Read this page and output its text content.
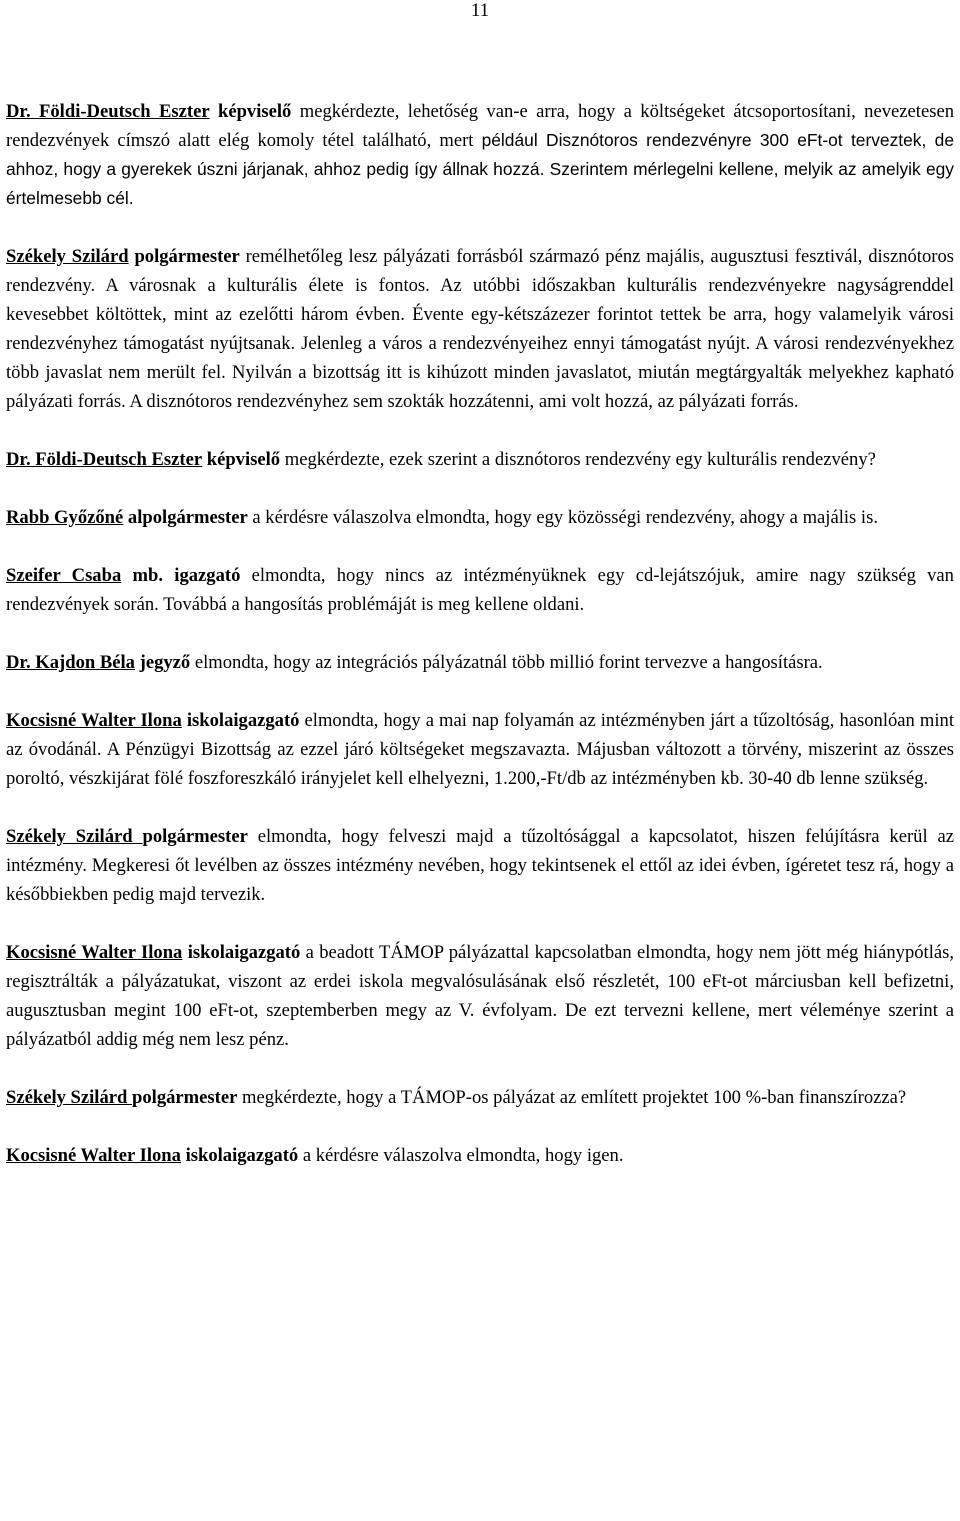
11

Dr. Földi-Deutsch Eszter képviselő megkérdezte, lehetőség van-e arra, hogy a költségeket átcsoportosítani, nevezetesen rendezvények címszó alatt elég komoly tétel található, mert például Disznótoros rendezvényre 300 eFt-ot terveztek, de ahhoz, hogy a gyerekek úszni járjanak, ahhoz pedig így állnak hozzá. Szerintem mérlegelni kellene, melyik az amelyik egy értelmesebb cél.

Székely Szilárd polgármester remélhetőleg lesz pályázati forrásból származó pénz majális, augusztusi fesztivál, disznótoros rendezvény. A városnak a kulturális élete is fontos. Az utóbbi időszakban kulturális rendezvényekre nagyságrenddel kevesebbet költöttek, mint az ezelőtti három évben. Évente egy-kétszázezer forintot tettek be arra, hogy valamelyik városi rendezvényhez támogatást nyújtsanak. Jelenleg a város a rendezvényeihez ennyi támogatást nyújt. A városi rendezvényekhez több javaslat nem merült fel. Nyilván a bizottság itt is kihúzott minden javaslatot, miután megtárgyalták melyekhez kapható pályázati forrás. A disznótoros rendezvényhez sem szokták hozzátenni, ami volt hozzá, az pályázati forrás.

Dr. Földi-Deutsch Eszter képviselő megkérdezte, ezek szerint a disznótoros rendezvény egy kulturális rendezvény?

Rabb Győzőné alpolgármester a kérdésre válaszolva elmondta, hogy egy közösségi rendezvény, ahogy a majális is.

Szeifer Csaba mb. igazgató elmondta, hogy nincs az intézményüknek egy cd-lejátszójuk, amire nagy szükség van rendezvények során. Továbbá a hangosítás problémáját is meg kellene oldani.

Dr. Kajdon Béla jegyző elmondta, hogy az integrációs pályázatnál több millió forint tervezve a hangosításra.

Kocsisné Walter Ilona iskolaigazgató elmondta, hogy a mai nap folyamán az intézményben járt a tűzoltóság, hasonlóan mint az óvodánál. A Pénzügyi Bizottság az ezzel járó költségeket megszavazta. Májusban változott a törvény, miszerint az összes poroltó, vészkijárat fölé foszforeszkáló irányjelet kell elhelyezni, 1.200,-Ft/db az intézményben kb. 30-40 db lenne szükség.

Székely Szilárd polgármester elmondta, hogy felveszi majd a tűzoltósággal a kapcsolatot, hiszen felújításra kerül az intézmény. Megkeresi őt levélben az összes intézmény nevében, hogy tekintsenek el ettől az idei évben, ígéretet tesz rá, hogy a későbbiekben pedig majd tervezik.

Kocsisné Walter Ilona iskolaigazgató a beadott TÁMOP pályázattal kapcsolatban elmondta, hogy nem jött még hiánypótlás, regisztrálták a pályázatukat, viszont az erdei iskola megvalósulásának első részletét, 100 eFt-ot márciusban kell befizetni, augusztusban megint 100 eFt-ot, szeptemberben megy az V. évfolyam. De ezt tervezni kellene, mert véleménye szerint a pályázatból addig még nem lesz pénz.

Székely Szilárd polgármester megkérdezte, hogy a TÁMOP-os pályázat az említett projektet 100 %-ban finanszírozza?

Kocsisné Walter Ilona iskolaigazgató a kérdésre válaszolva elmondta, hogy igen.
